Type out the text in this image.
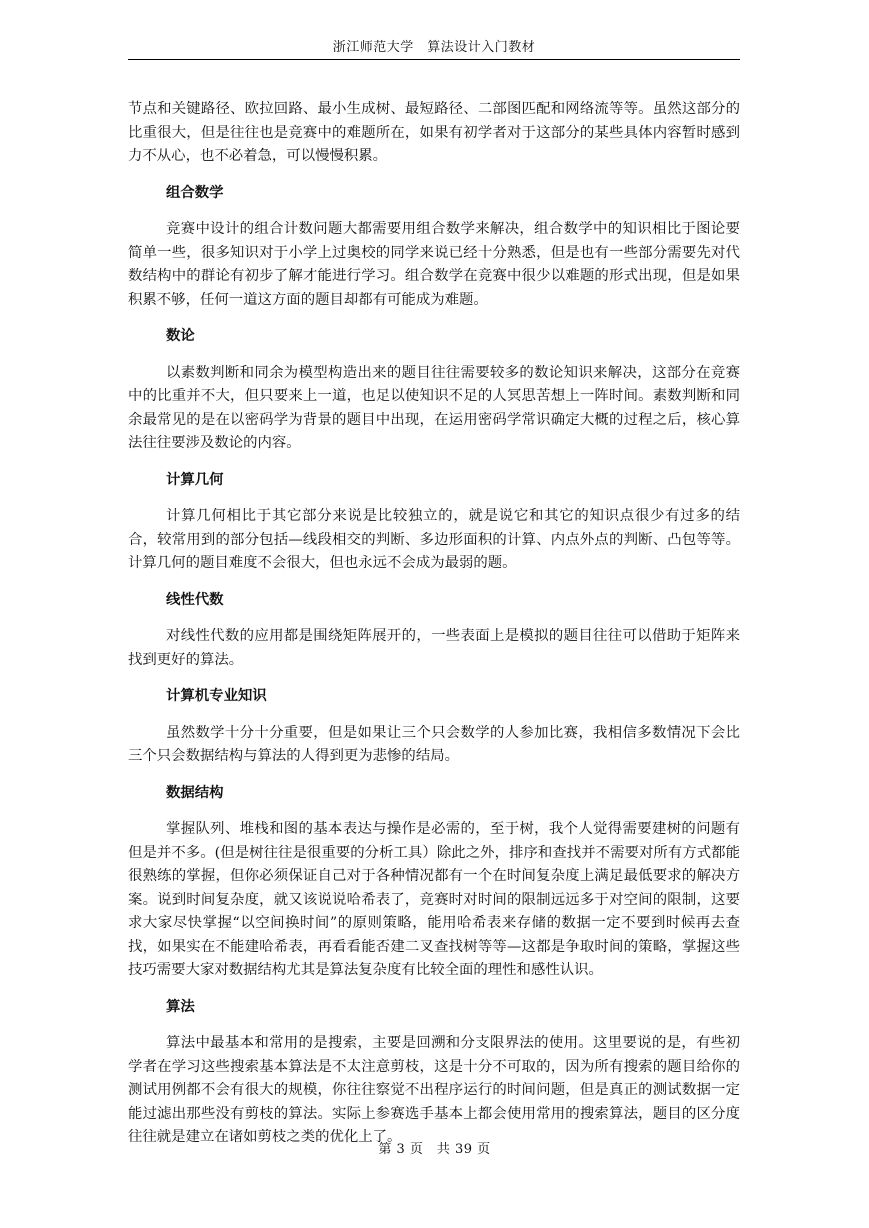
浙江师范大学　算法设计入门教材

节点和关键路径、欧拉回路、最小生成树、最短路径、二部图匹配和网络流等等。虽然这部分的比重很大，但是往往也是竞赛中的难题所在，如果有初学者对于这部分的某些具体内容暂时感到力不从心，也不必着急，可以慢慢积累。

组合数学

竞赛中设计的组合计数问题大都需要用组合数学来解决，组合数学中的知识相比于图论要简单一些，很多知识对于小学上过奥校的同学来说已经十分熟悉，但是也有一些部分需要先对代数结构中的群论有初步了解才能进行学习。组合数学在竞赛中很少以难题的形式出现，但是如果积累不够，任何一道这方面的题目却都有可能成为难题。

数论

以素数判断和同余为模型构造出来的题目往往需要较多的数论知识来解决，这部分在竞赛中的比重并不大，但只要来上一道，也足以使知识不足的人冥思苦想上一阵时间。素数判断和同余最常见的是在以密码学为背景的题目中出现，在运用密码学常识确定大概的过程之后，核心算法往往要涉及数论的内容。

计算几何

计算几何相比于其它部分来说是比较独立的，就是说它和其它的知识点很少有过多的结合，较常用到的部分包括—线段相交的判断、多边形面积的计算、内点外点的判断、凸包等等。计算几何的题目难度不会很大，但也永远不会成为最弱的题。

线性代数

对线性代数的应用都是围绕矩阵展开的，一些表面上是模拟的题目往往可以借助于矩阵来找到更好的算法。

计算机专业知识

虽然数学十分十分重要，但是如果让三个只会数学的人参加比赛，我相信多数情况下会比三个只会数据结构与算法的人得到更为悲惨的结局。

数据结构

掌握队列、堆栈和图的基本表达与操作是必需的，至于树，我个人觉得需要建树的问题有但是并不多。(但是树往往是很重要的分析工具）除此之外，排序和查找并不需要对所有方式都能很熟练的掌握，但你必须保证自己对于各种情况都有一个在时间复杂度上满足最低要求的解决方案。说到时间复杂度，就又该说说哈希表了，竞赛时对时间的限制远远多于对空间的限制，这要求大家尽快掌握“以空间换时间”的原则策略，能用哈希表来存储的数据一定不要到时候再去查找，如果实在不能建哈希表，再看看能否建二叉查找树等等—这都是争取时间的策略，掌握这些技巧需要大家对数据结构尤其是算法复杂度有比较全面的理性和感性认识。

算法

算法中最基本和常用的是搜索，主要是回溯和分支限界法的使用。这里要说的是，有些初学者在学习这些搜索基本算法是不太注意剪枝，这是十分不可取的，因为所有搜索的题目给你的测试用例都不会有很大的规模，你往往察觉不出程序运行的时间问题，但是真正的测试数据一定能过滤出那些没有剪枝的算法。实际上参赛选手基本上都会使用常用的搜索算法，题目的区分度往往就是建立在诸如剪枝之类的优化上了。

第 3 页　共 39 页
